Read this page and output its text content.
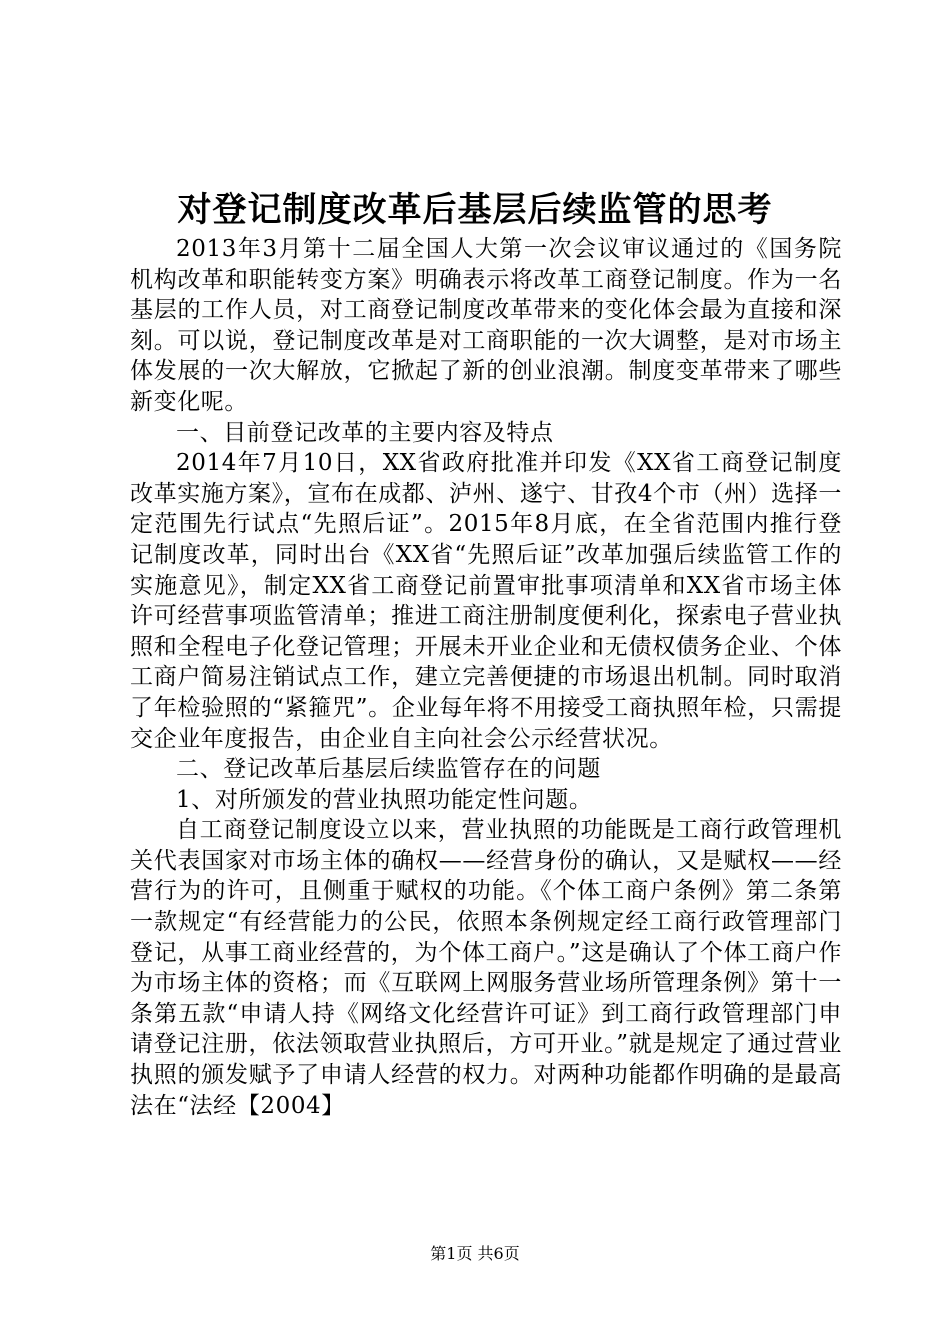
对登记制度改革后基层后续监管的思考

2013年3月第十二届全国人大第一次会议审议通过的《国务院机构改革和职能转变方案》明确表示将改革工商登记制度。作为一名基层的工作人员，对工商登记制度改革带来的变化体会最为直接和深刻。可以说，登记制度改革是对工商职能的一次大调整，是对市场主体发展的一次大解放，它掀起了新的创业浪潮。制度变革带来了哪些新变化呢。

一、目前登记改革的主要内容及特点

2014年7月10日，XX省政府批准并印发《XX省工商登记制度改革实施方案》，宣布在成都、泸州、遂宁、甘孜4个市（州）选择一定范围先行试点“先照后证”。2015年8月底，在全省范围内推行登记制度改革，同时出台《XX省“先照后证”改革加强后续监管工作的实施意见》，制定XX省工商登记前置审批事项清单和XX省市场主体许可经营事项监管清单；推进工商注册制度便利化，探索电子营业执照和全程电子化登记管理；开展未开业企业和无债权债务企业、个体工商户简易注销试点工作，建立完善便捷的市场退出机制。同时取消了年检验照的“紧箍咒”。企业每年将不用接受工商执照年检，只需提交企业年度报告，由企业自主向社会公示经营状况。

二、登记改革后基层后续监管存在的问题

1、对所颁发的营业执照功能定性问题。

自工商登记制度设立以来，营业执照的功能既是工商行政管理机关代表国家对市场主体的确权——经营身份的确认，又是赋权——经营行为的许可，且侧重于赋权的功能。《个体工商户条例》第二条第一款规定“有经营能力的公民，依照本条例规定经工商行政管理部门登记，从事工商业经营的，为个体工商户。”这是确认了个体工商户作为市场主体的资格；而《互联网上网服务营业场所管理条例》第十一条第五款“申请人持《网络文化经营许可证》到工商行政管理部门申请登记注册，依法领取营业执照后，方可开业。”就是规定了通过营业执照的颁发赋予了申请人经营的权力。对两种功能都作明确的是最高法在“法经【2004】

第1页 共6页
